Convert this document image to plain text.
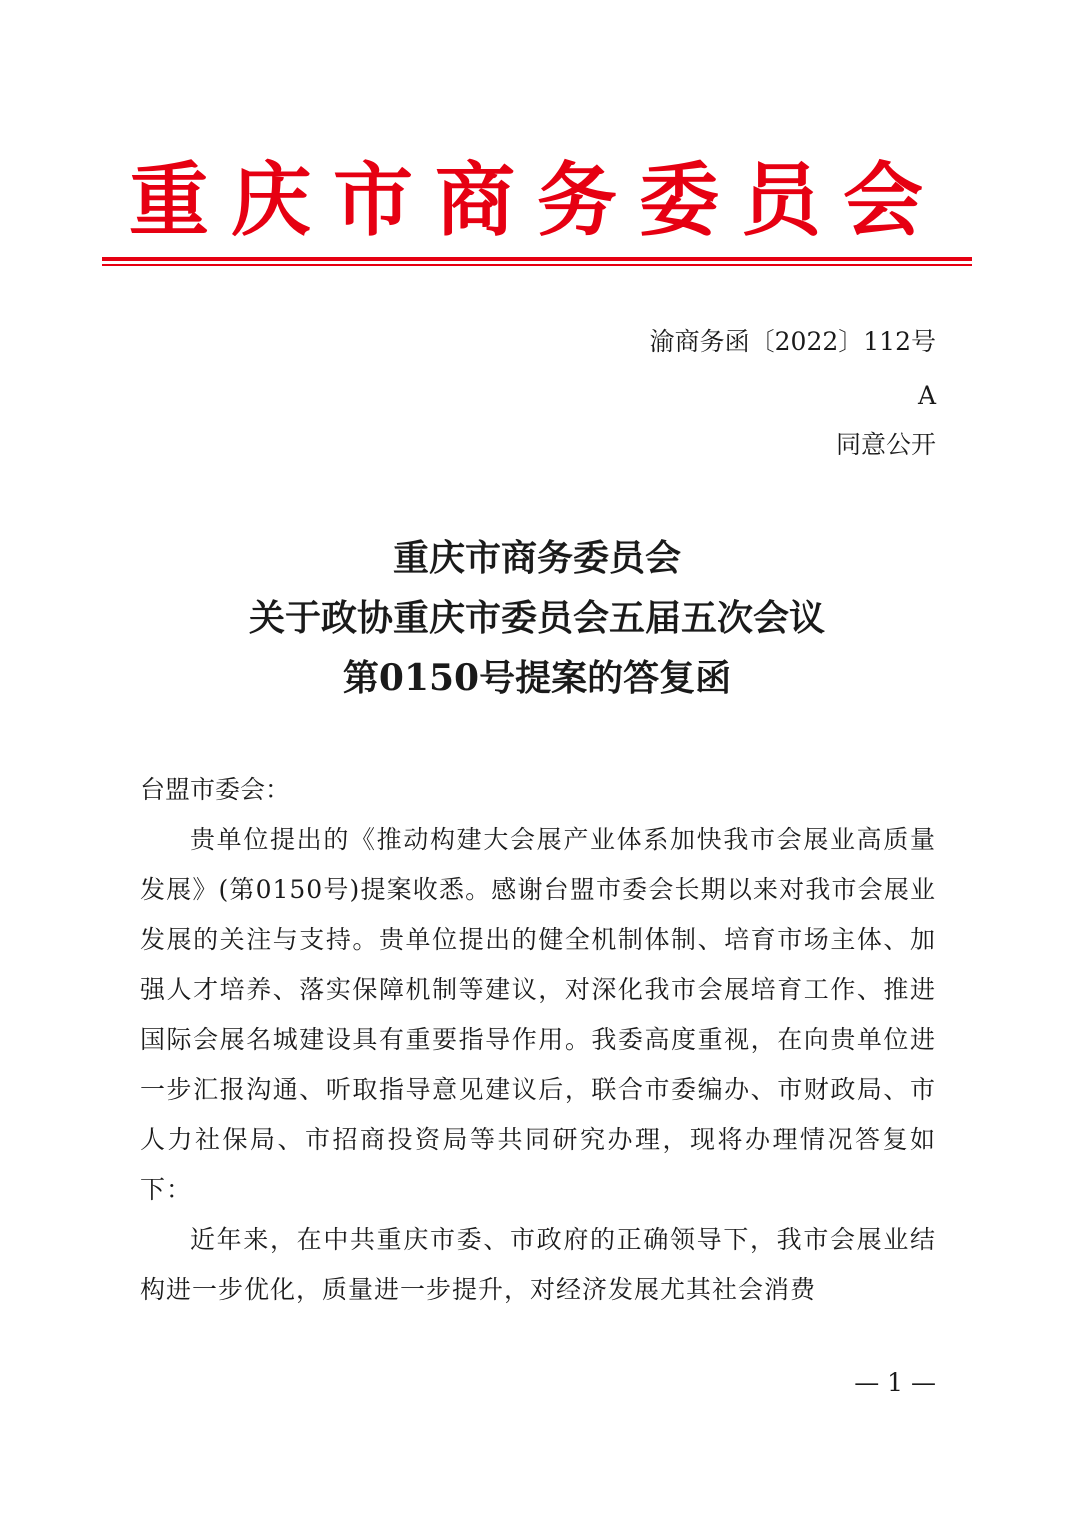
重庆市商务委员会
渝商务函〔2022〕112号
A
同意公开
重庆市商务委员会
关于政协重庆市委员会五届五次会议
第0150号提案的答复函
台盟市委会：

贵单位提出的《推动构建大会展产业体系加快我市会展业高质量发展》(第0150号)提案收悉。感谢台盟市委会长期以来对我市会展业发展的关注与支持。贵单位提出的健全机制体制、培育市场主体、加强人才培养、落实保障机制等建议，对深化我市会展培育工作、推进国际会展名城建设具有重要指导作用。我委高度重视，在向贵单位进一步汇报沟通、听取指导意见建议后，联合市委编办、市财政局、市人力社保局、市招商投资局等共同研究办理，现将办理情况答复如下：

近年来，在中共重庆市委、市政府的正确领导下，我市会展业结构进一步优化，质量进一步提升，对经济发展尤其社会消费

— 1 —
